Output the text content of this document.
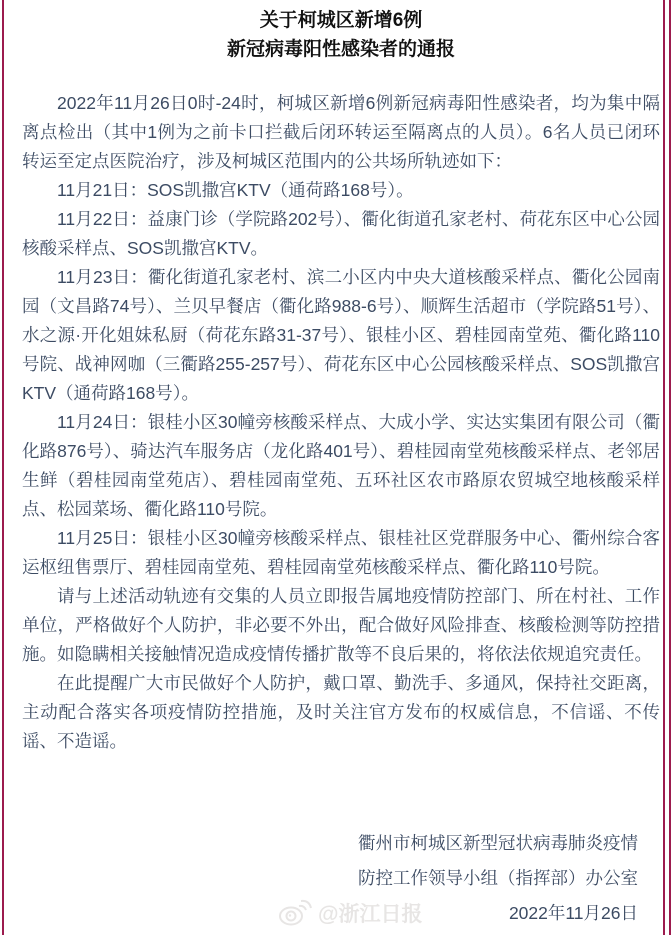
关于柯城区新增6例
新冠病毒阳性感染者的通报

2022年11月26日0时-24时，柯城区新增6例新冠病毒阳性感染者，均为集中隔离点检出（其中1例为之前卡口拦截后闭环转运至隔离点的人员）。6名人员已闭环转运至定点医院治疗，涉及柯城区范围内的公共场所轨迹如下：

11月21日：SOS凯撒宫KTV（通荷路168号）。

11月22日：益康门诊（学院路202号）、衢化街道孔家老村、荷花东区中心公园核酸采样点、SOS凯撒宫KTV。

11月23日：衢化街道孔家老村、滨二小区内中央大道核酸采样点、衢化公园南园（文昌路74号）、兰贝早餐店（衢化路988-6号）、顺辉生活超市（学院路51号）、水之源·开化姐妹私厨（荷花东路31-37号）、银桂小区、碧桂园南堂苑、衢化路110号院、战神网咖（三衢路255-257号）、荷花东区中心公园核酸采样点、SOS凯撒宫KTV（通荷路168号）。

11月24日：银桂小区30幢旁核酸采样点、大成小学、实达实集团有限公司（衢化路876号）、骑达汽车服务店（龙化路401号）、碧桂园南堂苑核酸采样点、老邻居生鲜（碧桂园南堂苑店）、碧桂园南堂苑、五环社区农市路原农贸城空地核酸采样点、松园菜场、衢化路110号院。

11月25日：银桂小区30幢旁核酸采样点、银桂社区党群服务中心、衢州综合客运枢纽售票厅、碧桂园南堂苑、碧桂园南堂苑核酸采样点、衢化路110号院。

请与上述活动轨迹有交集的人员立即报告属地疫情防控部门、所在村社、工作单位，严格做好个人防护，非必要不外出，配合做好风险排查、核酸检测等防控措施。如隐瞒相关接触情况造成疫情传播扩散等不良后果的，将依法依规追究责任。

在此提醒广大市民做好个人防护，戴口罩、勤洗手、多通风，保持社交距离，主动配合落实各项疫情防控措施，及时关注官方发布的权威信息，不信谣、不传谣、不造谣。

衢州市柯城区新型冠状病毒肺炎疫情
防控工作领导小组（指挥部）办公室
2022年11月26日
@浙江日报
